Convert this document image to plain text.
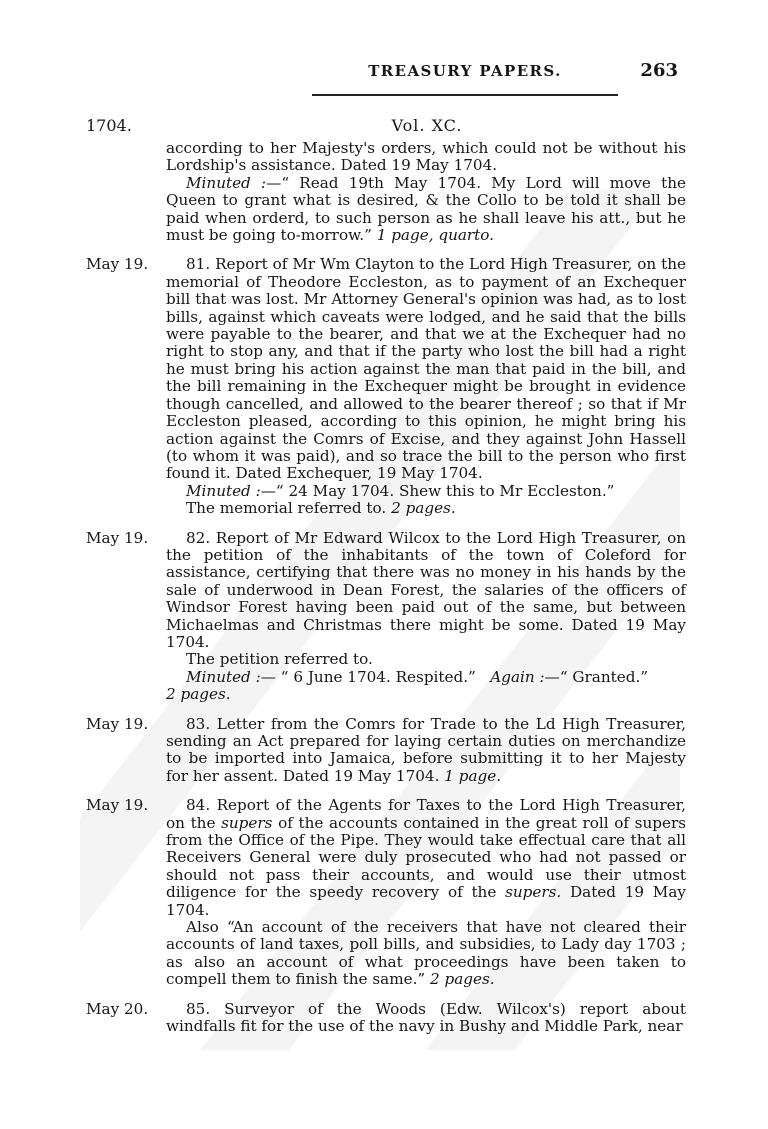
TREASURY PAPERS.	263
1704.	Vol. XC.

according to her Majesty's orders, which could not be without his Lordship's assistance. Dated 19 May 1704.

Minuted :—“ Read 19th May 1704. My Lord will move the Queen to grant what is desired, & the Collo to be told it shall be paid when orderd, to such person as he shall leave his att., but he must be going to-morrow.” 1 page, quarto.

May 19.	81. Report of Mr Wm Clayton to the Lord High Treasurer, on the memorial of Theodore Eccleston, as to payment of an Exchequer bill that was lost. Mr Attorney General's opinion was had, as to lost bills, against which caveats were lodged, and he said that the bills were payable to the bearer, and that we at the Exchequer had no right to stop any, and that if the party who lost the bill had a right he must bring his action against the man that paid in the bill, and the bill remaining in the Exchequer might be brought in evidence though cancelled, and allowed to the bearer thereof ; so that if Mr Eccleston pleased, according to this opinion, he might bring his action against the Comrs of Excise, and they against John Hassell (to whom it was paid), and so trace the bill to the person who first found it. Dated Exchequer, 19 May 1704.

Minuted :—“ 24 May 1704. Shew this to Mr Eccleston.”

The memorial referred to. 2 pages.

May 19.	82. Report of Mr Edward Wilcox to the Lord High Treasurer, on the petition of the inhabitants of the town of Coleford for assistance, certifying that there was no money in his hands by the sale of underwood in Dean Forest, the salaries of the officers of Windsor Forest having been paid out of the same, but between Michaelmas and Christmas there might be some. Dated 19 May 1704.

The petition referred to.

Minuted :— “ 6 June 1704. Respited.” Again :—“ Granted.”

2 pages.

May 19.	83. Letter from the Comrs for Trade to the Ld High Treasurer, sending an Act prepared for laying certain duties on merchandize to be imported into Jamaica, before submitting it to her Majesty for her assent. Dated 19 May 1704. 1 page.

May 19.	84. Report of the Agents for Taxes to the Lord High Treasurer, on the supers of the accounts contained in the great roll of supers from the Office of the Pipe. They would take effectual care that all Receivers General were duly prosecuted who had not passed or should not pass their accounts, and would use their utmost diligence for the speedy recovery of the supers. Dated 19 May 1704.

Also “An account of the receivers that have not cleared their accounts of land taxes, poll bills, and subsidies, to Lady day 1703 ; as also an account of what proceedings have been taken to compell them to finish the same.” 2 pages.

May 20.	85. Surveyor of the Woods (Edw. Wilcox's) report about windfalls fit for the use of the navy in Bushy and Middle Park, near
